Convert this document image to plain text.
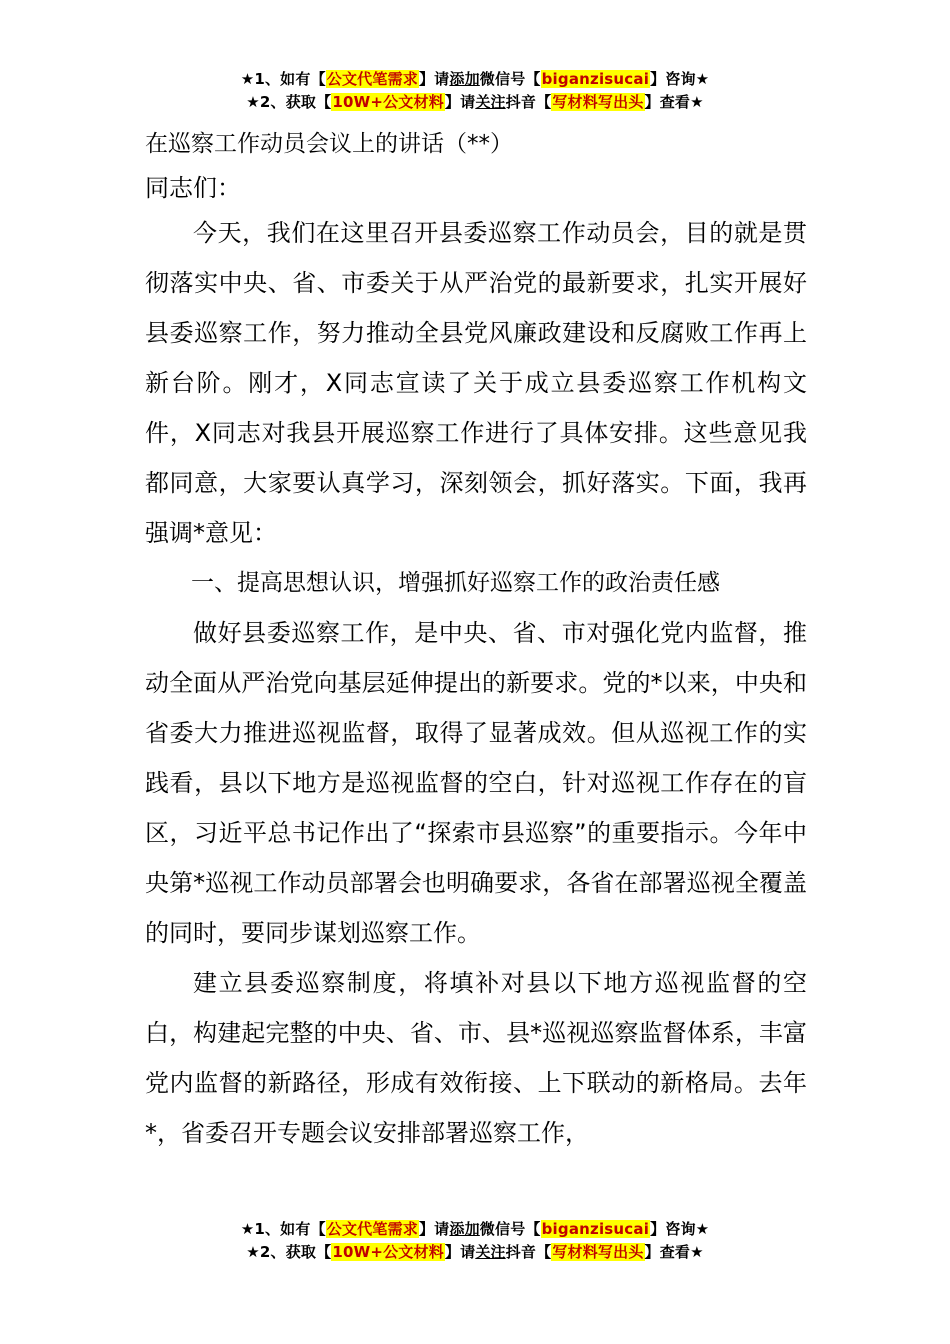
★1、如有【公文代笔需求】请添加微信号【biganzisucai】咨询★
★2、获取【10W+公文材料】请关注抖音【写材料写出头】查看★
在巡察工作动员会议上的讲话（**）

同志们：

今天，我们在这里召开县委巡察工作动员会，目的就是贯彻落实中央、省、市委关于从严治党的最新要求，扎实开展好县委巡察工作，努力推动全县党风廉政建设和反腐败工作再上新台阶。刚才，X同志宣读了关于成立县委巡察工作机构文件，X同志对我县开展巡察工作进行了具体安排。这些意见我都同意，大家要认真学习，深刻领会，抓好落实。下面，我再强调*意见：

一、提高思想认识，增强抓好巡察工作的政治责任感

做好县委巡察工作，是中央、省、市对强化党内监督，推动全面从严治党向基层延伸提出的新要求。党的*以来，中央和省委大力推进巡视监督，取得了显著成效。但从巡视工作的实践看，县以下地方是巡视监督的空白，针对巡视工作存在的盲区，习近平总书记作出了“探索市县巡察”的重要指示。今年中央第*巡视工作动员部署会也明确要求，各省在部署巡视全覆盖的同时，要同步谋划巡察工作。

建立县委巡察制度，将填补对县以下地方巡视监督的空白，构建起完整的中央、省、市、县*巡视巡察监督体系，丰富党内监督的新路径，形成有效衔接、上下联动的新格局。去年*，省委召开专题会议安排部署巡察工作，

★1、如有【公文代笔需求】请添加微信号【biganzisucai】咨询★
★2、获取【10W+公文材料】请关注抖音【写材料写出头】查看★
